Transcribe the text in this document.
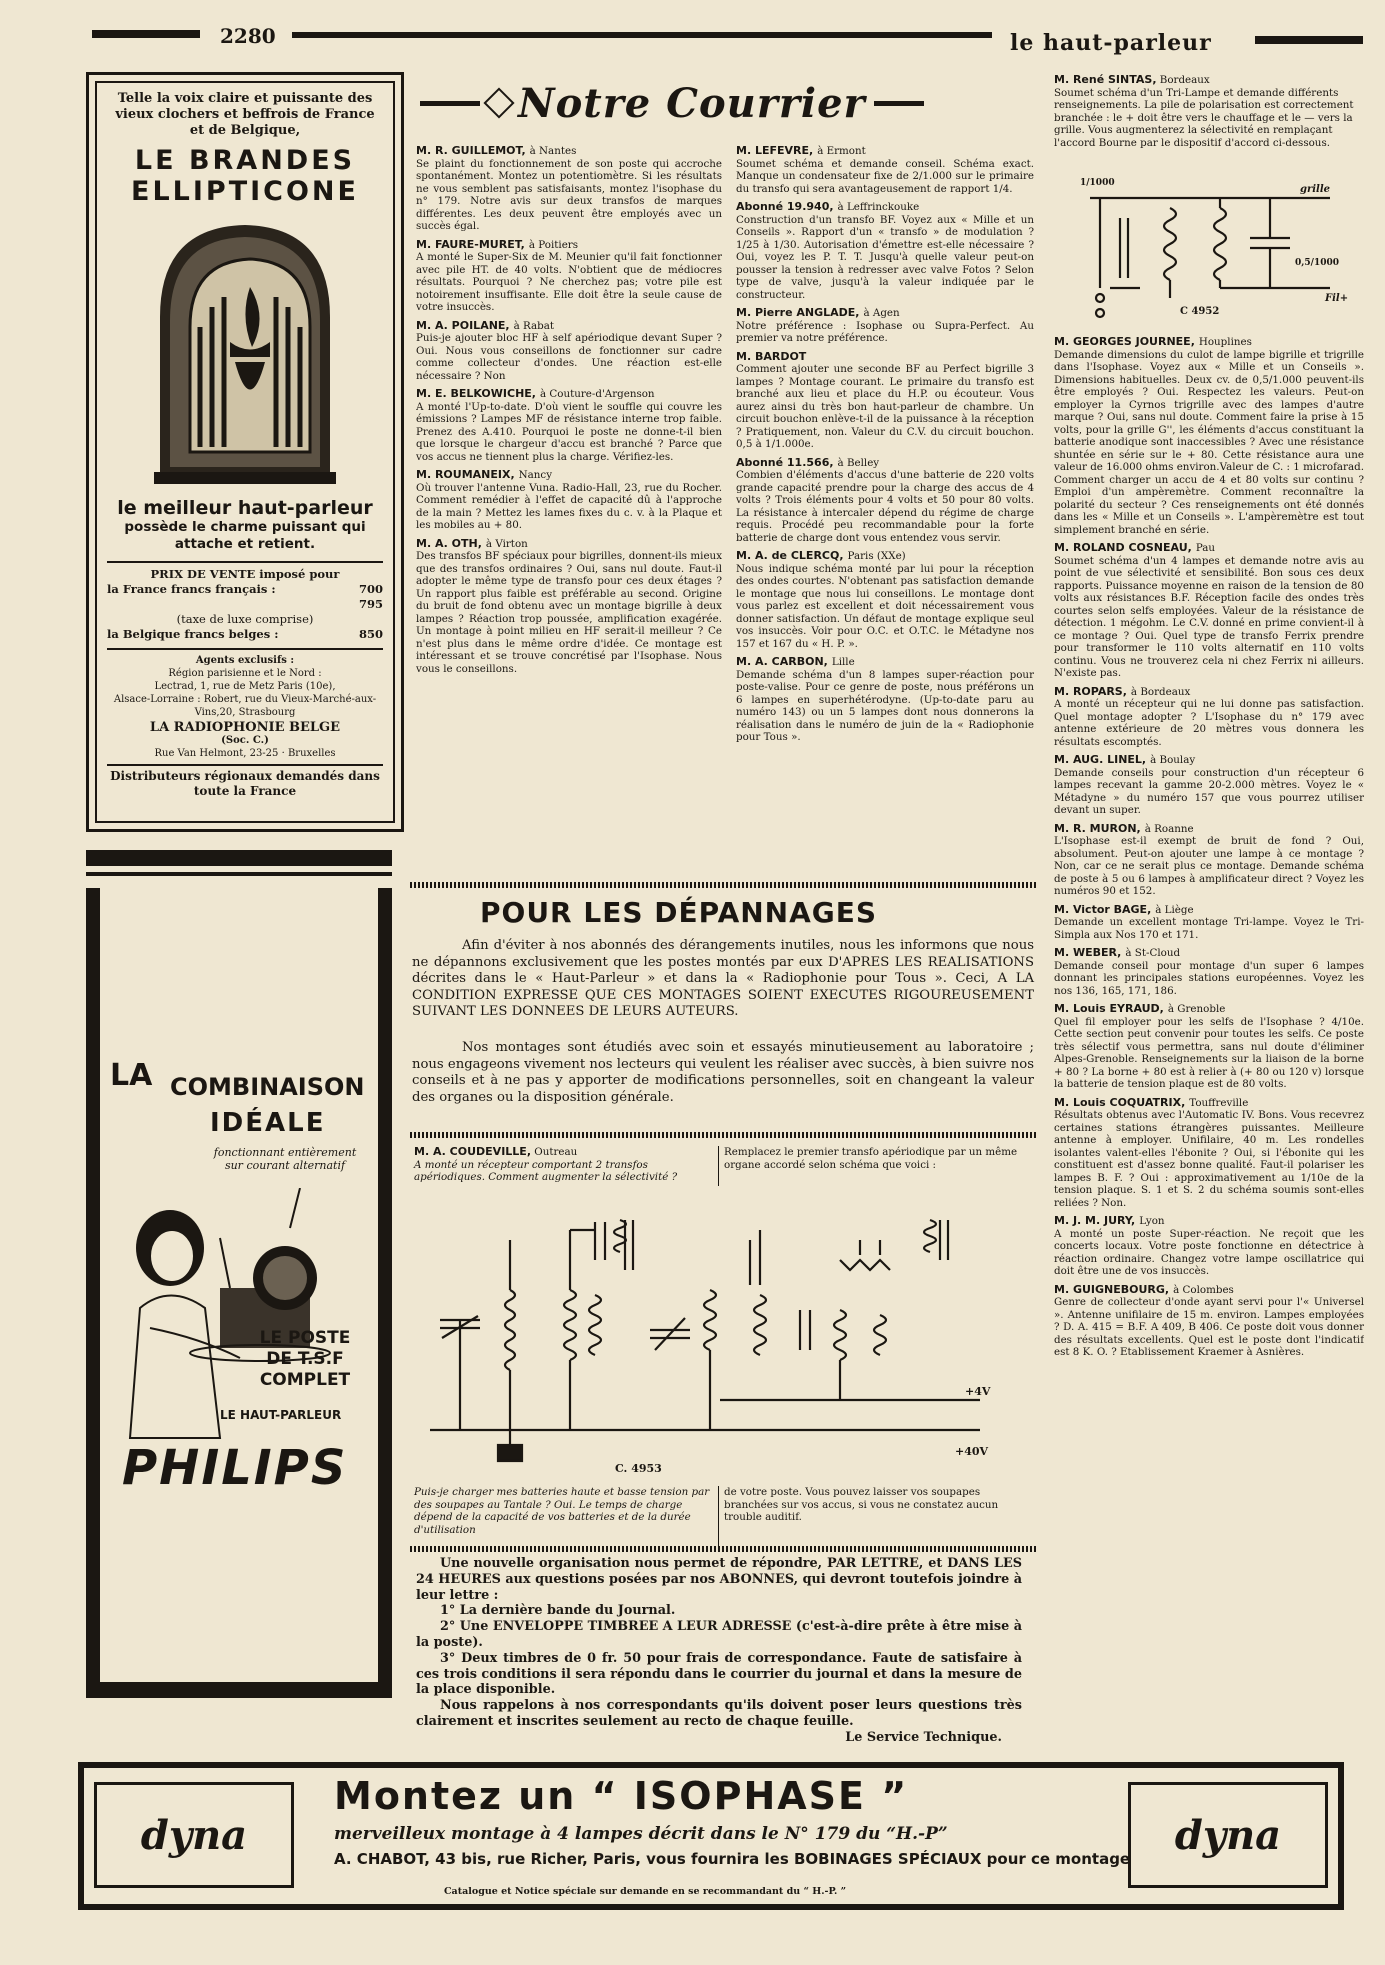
2280	le haut-parleur
Telle la voix claire et puissante des vieux clochers et beffrois de France et de Belgique,
LE BRANDES
ELLIPTICONE
le meilleur haut-parleur
possède le charme puissant qui attache et retient.
PRIX DE VENTE imposé pour
la France francs français :	700
795
(taxe de luxe comprise)
la Belgique francs belges :	850
Agents exclusifs :
Région parisienne et le Nord :
Lectrad, 1, rue de Metz Paris (10e),
Alsace-Lorraine : Robert, rue du Vieux-Marché-aux-Vins,20, Strasbourg
LA RADIOPHONIE BELGE
(Soc. C.)
Rue Van Helmont, 23-25 · Bruxelles
Distributeurs régionaux demandés dans toute la France
LA COMBINAISON
IDÉALE
fonctionnant entièrement sur courant alternatif
LE POSTE
DE T.S.F
COMPLET
LE HAUT-PARLEUR
PHILIPS
Notre Courrier
M. R. GUILLEMOT, à Nantes
Se plaint du fonctionnement de son poste qui accroche spontanément. Montez un potentiomètre. Si les résultats ne vous semblent pas satisfaisants, montez l'isophase du n° 179. Notre avis sur deux transfos de marques différentes. Les deux peuvent être employés avec un succès égal.
M. FAURE-MURET, à Poitiers
A monté le Super-Six de M. Meunier qu'il fait fonctionner avec pile HT. de 40 volts. N'obtient que de médiocres résultats. Pourquoi ? Ne cherchez pas; votre pile est notoirement insuffisante. Elle doit être la seule cause de votre insuccès.
M. A. POILANE, à Rabat
Puis-je ajouter bloc HF à self apériodique devant Super ? Oui. Nous vous conseillons de fonctionner sur cadre comme collecteur d'ondes. Une réaction est-elle nécessaire ? Non
M. E. BELKOWICHE, à Couture-d'Argenson
A monté l'Up-to-date. D'où vient le souffle qui couvre les émissions ? Lampes MF de résistance interne trop faible. Prenez des A.410. Pourquoi le poste ne donne-t-il bien que lorsque le chargeur d'accu est branché ? Parce que vos accus ne tiennent plus la charge. Vérifiez-les.
M. ROUMANEIX, Nancy
Où trouver l'antenne Vuna. Radio-Hall, 23, rue du Rocher. Comment remédier à l'effet de capacité dû à l'approche de la main ? Mettez les lames fixes du c. v. à la Plaque et les mobiles au + 80.
M. A. OTH, à Virton
Des transfos BF spéciaux pour bigrilles, donnent-ils mieux que des transfos ordinaires ? Oui, sans nul doute. Faut-il adopter le même type de transfo pour ces deux étages ? Un rapport plus faible est préférable au second. Origine du bruit de fond obtenu avec un montage bigrille à deux lampes ? Réaction trop poussée, amplification exagérée. Un montage à point milieu en HF serait-il meilleur ? Ce n'est plus dans le même ordre d'idée. Ce montage est intéressant et se trouve concrétisé par l'Isophase. Nous vous le conseillons.
M. LEFEVRE, à Ermont
Soumet schéma et demande conseil. Schéma exact. Manque un condensateur fixe de 2/1.000 sur le primaire du transfo qui sera avantageusement de rapport 1/4.
Abonné 19.940, à Leffrinckouke
Construction d'un transfo BF. Voyez aux « Mille et un Conseils ». Rapport d'un « transfo » de modulation ? 1/25 à 1/30. Autorisation d'émettre est-elle nécessaire ? Oui, voyez les P. T. T. Jusqu'à quelle valeur peut-on pousser la tension à redresser avec valve Fotos ? Selon type de valve, jusqu'à la valeur indiquée par le constructeur.
M. Pierre ANGLADE, à Agen
Notre préférence : Isophase ou Supra-Perfect. Au premier va notre préférence.
M. BARDOT
Comment ajouter une seconde BF au Perfect bigrille 3 lampes ? Montage courant. Le primaire du transfo est branché aux lieu et place du H.P. ou écouteur. Vous aurez ainsi du très bon haut-parleur de chambre. Un circuit bouchon enlève-t-il de la puissance à la réception ? Pratiquement, non. Valeur du C.V. du circuit bouchon. 0,5 à 1/1.000e.
Abonné 11.566, à Belley
Combien d'éléments d'accus d'une batterie de 220 volts grande capacité prendre pour la charge des accus de 4 volts ? Trois éléments pour 4 volts et 50 pour 80 volts. La résistance à intercaler dépend du régime de charge requis. Procédé peu recommandable pour la forte batterie de charge dont vous entendez vous servir.
M. A. de CLERCQ, Paris (XXe)
Nous indique schéma monté par lui pour la réception des ondes courtes. N'obtenant pas satisfaction demande le montage que nous lui conseillons. Le montage dont vous parlez est excellent et doit nécessairement vous donner satisfaction. Un défaut de montage explique seul vos insuccès. Voir pour O.C. et O.T.C. le Métadyne nos 157 et 167 du « H. P. ».
M. A. CARBON, Lille
Demande schéma d'un 8 lampes super-réaction pour poste-valise. Pour ce genre de poste, nous préférons un 6 lampes en superhétérodyne. (Up-to-date paru au numéro 143) ou un 5 lampes dont nous donnerons la réalisation dans le numéro de juin de la « Radiophonie pour Tous ».
POUR LES DÉPANNAGES
Afin d'éviter à nos abonnés des dérangements inutiles, nous les informons que nous ne dépannons exclusivement que les postes montés par eux D'APRES LES REALISATIONS décrites dans le « Haut-Parleur » et dans la « Radiophonie pour Tous ». Ceci, A LA CONDITION EXPRESSE QUE CES MONTAGES SOIENT EXECUTES RIGOUREUSEMENT SUIVANT LES DONNEES DE LEURS AUTEURS.
Nos montages sont étudiés avec soin et essayés minutieusement au laboratoire ; nous engageons vivement nos lecteurs qui veulent les réaliser avec succès, à bien suivre nos conseils et à ne pas y apporter de modifications personnelles, soit en changeant la valeur des organes ou la disposition générale.
M. A. COUDEVILLE, Outreau
A monté un récepteur comportant 2 transfos apériodiques. Comment augmenter la sélectivité ?
Remplacez le premier transfo apériodique par un même organe accordé selon schéma que voici :
+4V
+40V
C. 4953
Puis-je charger mes batteries haute et basse tension par des soupapes au Tantale ? Oui. Le temps de charge dépend de la capacité de vos batteries et de la durée d'utilisation
de votre poste. Vous pouvez laisser vos soupapes branchées sur vos accus, si vous ne constatez aucun trouble auditif.
Une nouvelle organisation nous permet de répondre, PAR LETTRE, et DANS LES 24 HEURES aux questions posées par nos ABONNES, qui devront toutefois joindre à leur lettre :
1° La dernière bande du Journal.
2° Une ENVELOPPE TIMBREE A LEUR ADRESSE (c'est-à-dire prête à être mise à la poste).
3° Deux timbres de 0 fr. 50 pour frais de correspondance. Faute de satisfaire à ces trois conditions il sera répondu dans le courrier du journal et dans la mesure de la place disponible.
Nous rappelons à nos correspondants qu'ils doivent poser leurs questions très clairement et inscrites seulement au recto de chaque feuille.
Le Service Technique.
M. René SINTAS, Bordeaux
Soumet schéma d'un Tri-Lampe et demande différents renseignements. La pile de polarisation est correctement branchée : le + doit être vers le chauffage et le — vers la grille. Vous augmenterez la sélectivité en remplaçant l'accord Bourne par le dispositif d'accord ci-dessous.
1/1000
grille
0,5/1000
Fil+
C 4952
M. GEORGES JOURNEE, Houplines
Demande dimensions du culot de lampe bigrille et trigrille dans l'Isophase. Voyez aux « Mille et un Conseils ». Dimensions habituelles. Deux cv. de 0,5/1.000 peuvent-ils être employés ? Oui. Respectez les valeurs. Peut-on employer la Cyrnos trigrille avec des lampes d'autre marque ? Oui, sans nul doute. Comment faire la prise à 15 volts, pour la grille G'', les éléments d'accus constituant la batterie anodique sont inaccessibles ? Avec une résistance shuntée en série sur le + 80. Cette résistance aura une valeur de 16.000 ohms environ.Valeur de C. : 1 microfarad. Comment charger un accu de 4 et 80 volts sur continu ? Emploi d'un ampèremètre. Comment reconnaître la polarité du secteur ? Ces renseignements ont été donnés dans les « Mille et un Conseils ». L'ampèremètre est tout simplement branché en série.
M. ROLAND COSNEAU, Pau
Soumet schéma d'un 4 lampes et demande notre avis au point de vue sélectivité et sensibilité. Bon sous ces deux rapports. Puissance moyenne en raison de la tension de 80 volts aux résistances B.F. Réception facile des ondes très courtes selon selfs employées. Valeur de la résistance de détection. 1 mégohm. Le C.V. donné en prime convient-il à ce montage ? Oui. Quel type de transfo Ferrix prendre pour transformer le 110 volts alternatif en 110 volts continu. Vous ne trouverez cela ni chez Ferrix ni ailleurs. N'existe pas.
M. ROPARS, à Bordeaux
A monté un récepteur qui ne lui donne pas satisfaction. Quel montage adopter ? L'Isophase du n° 179 avec antenne extérieure de 20 mètres vous donnera les résultats escomptés.
M. AUG. LINEL, à Boulay
Demande conseils pour construction d'un récepteur 6 lampes recevant la gamme 20-2.000 mètres. Voyez le « Métadyne » du numéro 157 que vous pourrez utiliser devant un super.
M. R. MURON, à Roanne
L'Isophase est-il exempt de bruit de fond ? Oui, absolument. Peut-on ajouter une lampe à ce montage ? Non, car ce ne serait plus ce montage. Demande schéma de poste à 5 ou 6 lampes à amplificateur direct ? Voyez les numéros 90 et 152.
M. Victor BAGE, à Liège
Demande un excellent montage Tri-lampe. Voyez le Tri-Simpla aux Nos 170 et 171.
M. WEBER, à St-Cloud
Demande conseil pour montage d'un super 6 lampes donnant les principales stations européennes. Voyez les nos 136, 165, 171, 186.
M. Louis EYRAUD, à Grenoble
Quel fil employer pour les selfs de l'Isophase ? 4/10e. Cette section peut convenir pour toutes les selfs. Ce poste très sélectif vous permettra, sans nul doute d'éliminer Alpes-Grenoble. Renseignements sur la liaison de la borne + 80 ? La borne + 80 est à relier à (+ 80 ou 120 v) lorsque la batterie de tension plaque est de 80 volts.
M. Louis COQUATRIX, Touffreville
Résultats obtenus avec l'Automatic IV. Bons. Vous recevrez certaines stations étrangères puissantes. Meilleure antenne à employer. Unifilaire, 40 m. Les rondelles isolantes valent-elles l'ébonite ? Oui, si l'ébonite qui les constituent est d'assez bonne qualité. Faut-il polariser les lampes B. F. ? Oui : approximativement au 1/10e de la tension plaque. S. 1 et S. 2 du schéma soumis sont-elles reliées ? Non.
M. J. M. JURY, Lyon
A monté un poste Super-réaction. Ne reçoit que les concerts locaux. Votre poste fonctionne en détectrice à réaction ordinaire. Changez votre lampe oscillatrice qui doit être une de vos insuccès.
M. GUIGNEBOURG, à Colombes
Genre de collecteur d'onde ayant servi pour l'« Universel ». Antenne unifilaire de 15 m. environ. Lampes employées ? D. A. 415 = B.F. A 409, B 406. Ce poste doit vous donner des résultats excellents. Quel est le poste dont l'indicatif est 8 K. O. ? Etablissement Kraemer à Asnières.
dyna
Montez un “ ISOPHASE ”
merveilleux montage à 4 lampes décrit dans le N° 179 du “H.-P”
A. CHABOT, 43 bis, rue Richer, Paris, vous fournira les BOBINAGES SPÉCIAUX pour ce montage
Catalogue et Notice spéciale sur demande en se recommandant du “ H.-P. ”
dyna
